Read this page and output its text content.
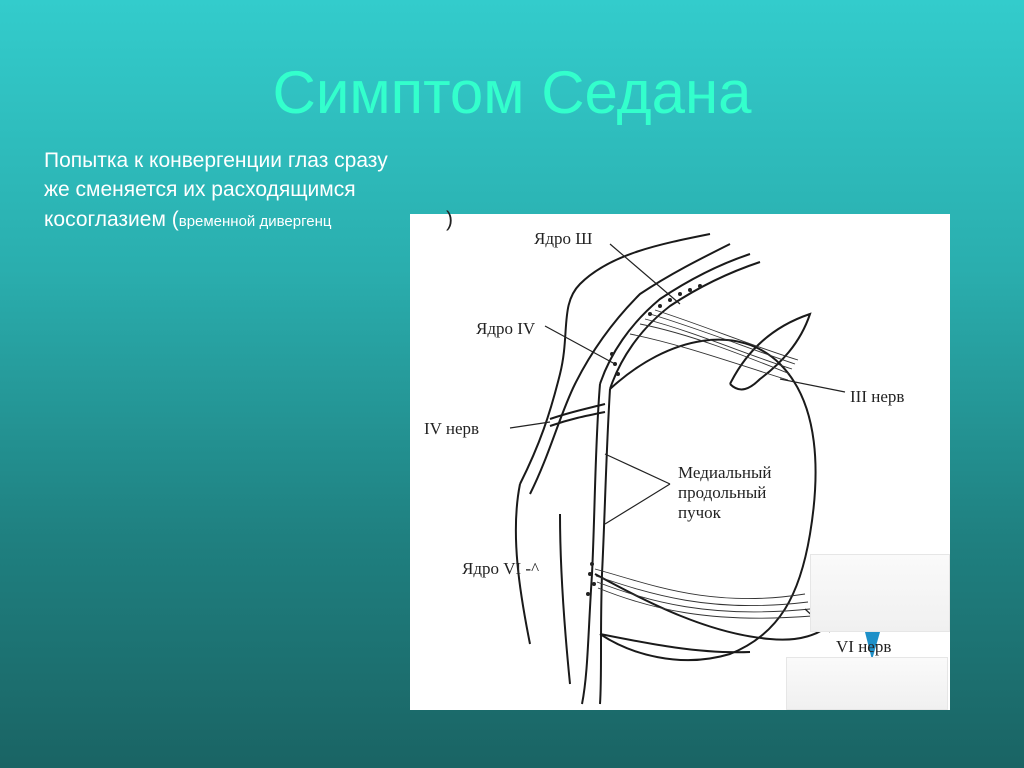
Симптом Седана
Попытка к конвергенции глаз сразу
же сменяется их расходящимся
косоглазием (временной дивергенц
Ядро Ш
Ядро IV
IV нерв
III нерв
Медиальный
продольный
пучок
Ядро VI -^
VI нерв
)
